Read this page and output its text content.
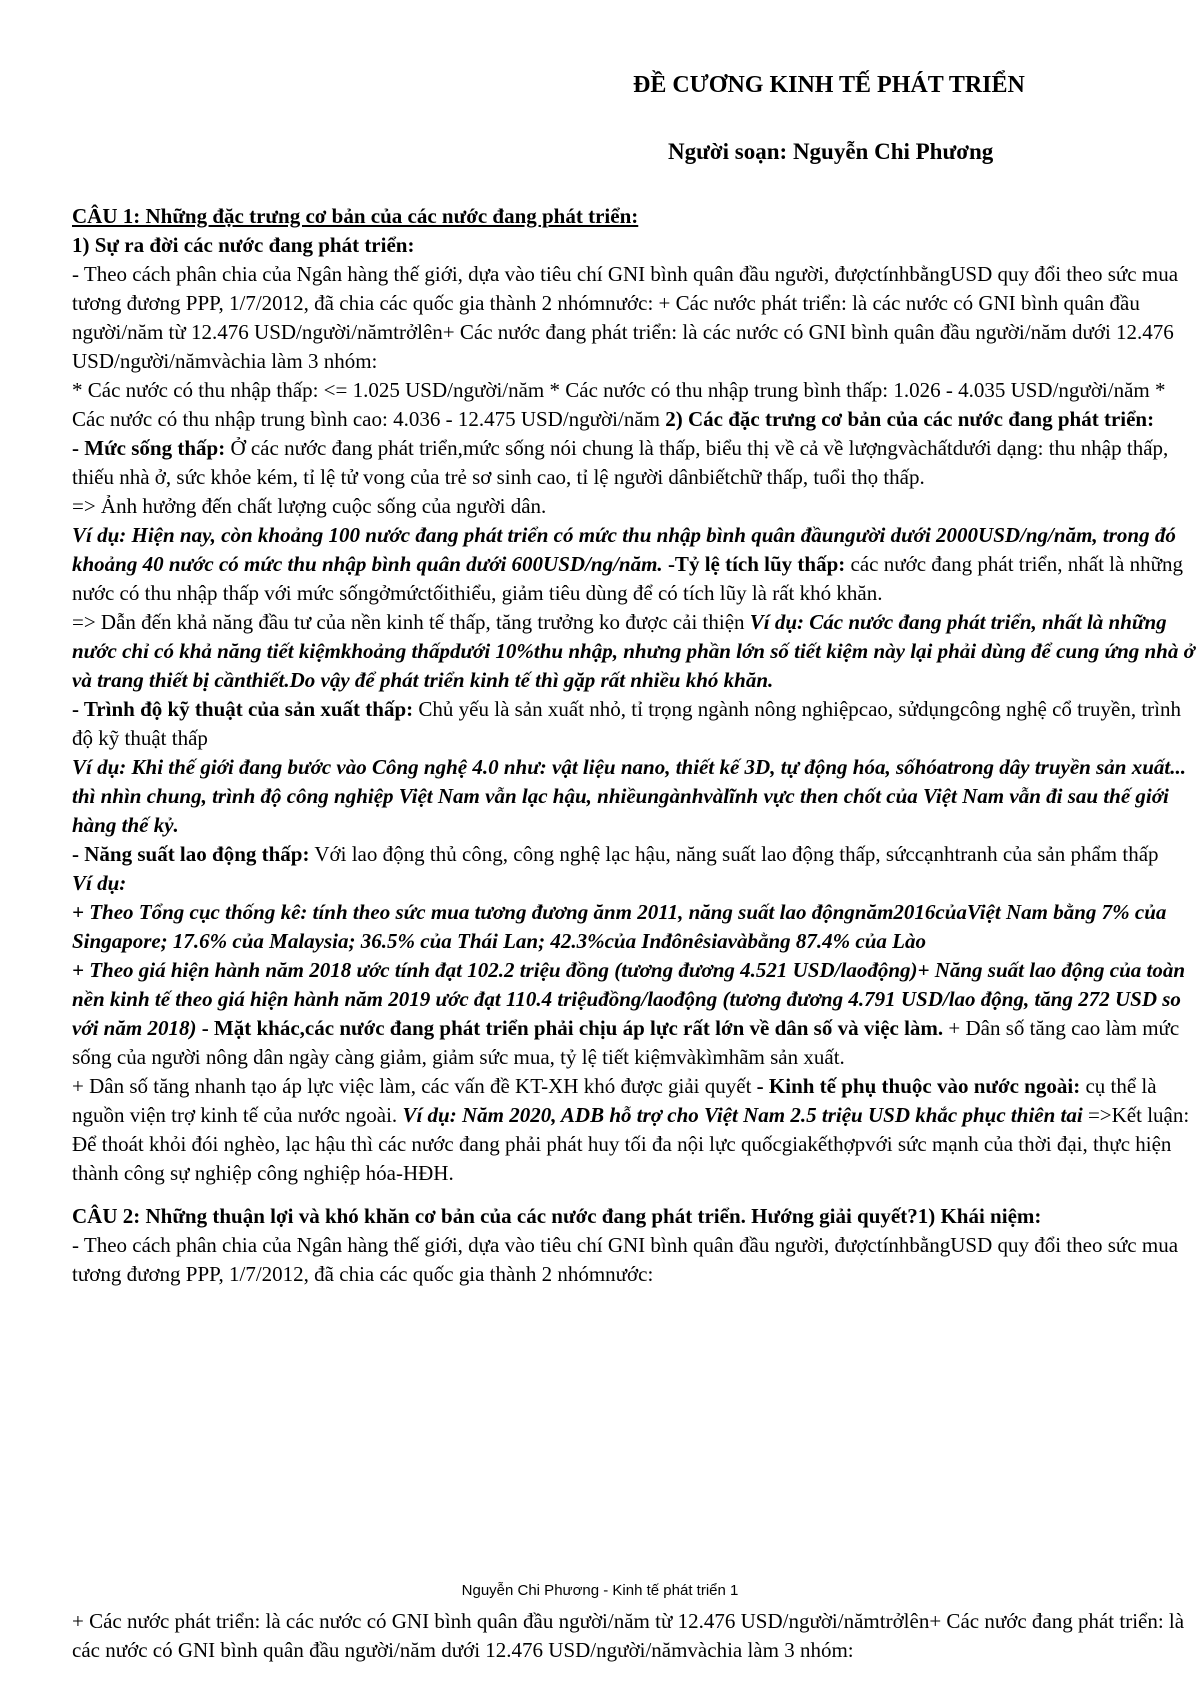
ĐỀ CƯƠNG KINH TẾ PHÁT TRIỂN
Người soạn: Nguyễn Chi Phương

CÂU 1: Những đặc trưng cơ bản của các nước đang phát triển:

1) Sự ra đời các nước đang phát triển:

- Theo cách phân chia của Ngân hàng thế giới, dựa vào tiêu chí GNI bình quân đầu người, đượctínhbằngUSD quy đổi theo sức mua tương đương PPP, 1/7/2012, đã chia các quốc gia thành 2 nhómnước: + Các nước phát triển: là các nước có GNI bình quân đầu người/năm từ 12.476 USD/người/nămtrởlên+ Các nước đang phát triển: là các nước có GNI bình quân đầu người/năm dưới 12.476 USD/người/nămvàchia làm 3 nhóm:

* Các nước có thu nhập thấp: <= 1.025 USD/người/năm * Các nước có thu nhập trung bình thấp: 1.026 - 4.035 USD/người/năm * Các nước có thu nhập trung bình cao: 4.036 - 12.475 USD/người/năm 2) Các đặc trưng cơ bản của các nước đang phát triển:

- Mức sống thấp: Ở các nước đang phát triển,mức sống nói chung là thấp, biểu thị về cả về lượngvàchấtdưới dạng: thu nhập thấp, thiếu nhà ở, sức khỏe kém, tỉ lệ tử vong của trẻ sơ sinh cao, tỉ lệ người dânbiếtchữ thấp, tuổi thọ thấp.

=> Ảnh hưởng đến chất lượng cuộc sống của người dân.

Ví dụ: Hiện nay, còn khoảng 100 nước đang phát triển có mức thu nhập bình quân đầungười dưới 2000USD/ng/năm, trong đó khoảng 40 nước có mức thu nhập bình quân dưới 600USD/ng/năm. -Tỷ lệ tích lũy thấp: các nước đang phát triển, nhất là những nước có thu nhập thấp với mức sốngởmứctốithiểu, giảm tiêu dùng để có tích lũy là rất khó khăn.

=> Dẫn đến khả năng đầu tư của nền kinh tế thấp, tăng trưởng ko được cải thiện Ví dụ: Các nước đang phát triển, nhất là những nước chỉ có khả năng tiết kiệmkhoảng thấpdưới 10%thu nhập, nhưng phần lớn số tiết kiệm này lại phải dùng để cung ứng nhà ở và trang thiết bị cầnthiết.Do vậy để phát triển kinh tế thì gặp rất nhiều khó khăn.

- Trình độ kỹ thuật của sản xuất thấp: Chủ yếu là sản xuất nhỏ, tỉ trọng ngành nông nghiệpcao, sửdụngcông nghệ cổ truyền, trình độ kỹ thuật thấp

Ví dụ: Khi thế giới đang bước vào Công nghệ 4.0 như: vật liệu nano, thiết kế 3D, tự động hóa, sốhóatrong dây truyền sản xuất... thì nhìn chung, trình độ công nghiệp Việt Nam vẫn lạc hậu, nhiềungànhvàlĩnh vực then chốt của Việt Nam vẫn đi sau thế giới hàng thế kỷ.

- Năng suất lao động thấp: Với lao động thủ công, công nghệ lạc hậu, năng suất lao động thấp, sứccạnhtranh của sản phẩm thấp

Ví dụ:

+ Theo Tổng cục thống kê: tính theo sức mua tương đương ănm 2011, năng suất lao độngnăm2016củaViệt Nam bằng 7% của Singapore; 17.6% của Malaysia; 36.5% của Thái Lan; 42.3%của Inđônêsiavàbằng 87.4% của Lào

+ Theo giá hiện hành năm 2018 ước tính đạt 102.2 triệu đồng (tương đương 4.521 USD/laođộng)+ Năng suất lao động của toàn nền kinh tế theo giá hiện hành năm 2019 ước đạt 110.4 triệuđồng/laođộng (tương đương 4.791 USD/lao động, tăng 272 USD so với năm 2018) - Mặt khác,các nước đang phát triển phải chịu áp lực rất lớn về dân số và việc làm. + Dân số tăng cao làm mức sống của người nông dân ngày càng giảm, giảm sức mua, tỷ lệ tiết kiệmvàkìmhãm sản xuất.

+ Dân số tăng nhanh tạo áp lực việc làm, các vấn đề KT-XH khó được giải quyết - Kinh tế phụ thuộc vào nước ngoài: cụ thể là nguồn viện trợ kinh tế của nước ngoài. Ví dụ: Năm 2020, ADB hỗ trợ cho Việt Nam 2.5 triệu USD khắc phục thiên tai =>Kết luận: Để thoát khỏi đói nghèo, lạc hậu thì các nước đang phải phát huy tối đa nội lực quốcgiakếthợpvới sức mạnh của thời đại, thực hiện thành công sự nghiệp công nghiệp hóa-HĐH.

CÂU 2: Những thuận lợi và khó khăn cơ bản của các nước đang phát triển. Hướng giải quyết?1) Khái niệm:

- Theo cách phân chia của Ngân hàng thế giới, dựa vào tiêu chí GNI bình quân đầu người, đượctínhbằngUSD quy đổi theo sức mua tương đương PPP, 1/7/2012, đã chia các quốc gia thành 2 nhómnước:

Nguyễn Chi Phương - Kinh tế phát triển 1

+ Các nước phát triển: là các nước có GNI bình quân đầu người/năm từ 12.476 USD/người/nămtrởlên+ Các nước đang phát triển: là các nước có GNI bình quân đầu người/năm dưới 12.476 USD/người/nămvàchia làm 3 nhóm:
